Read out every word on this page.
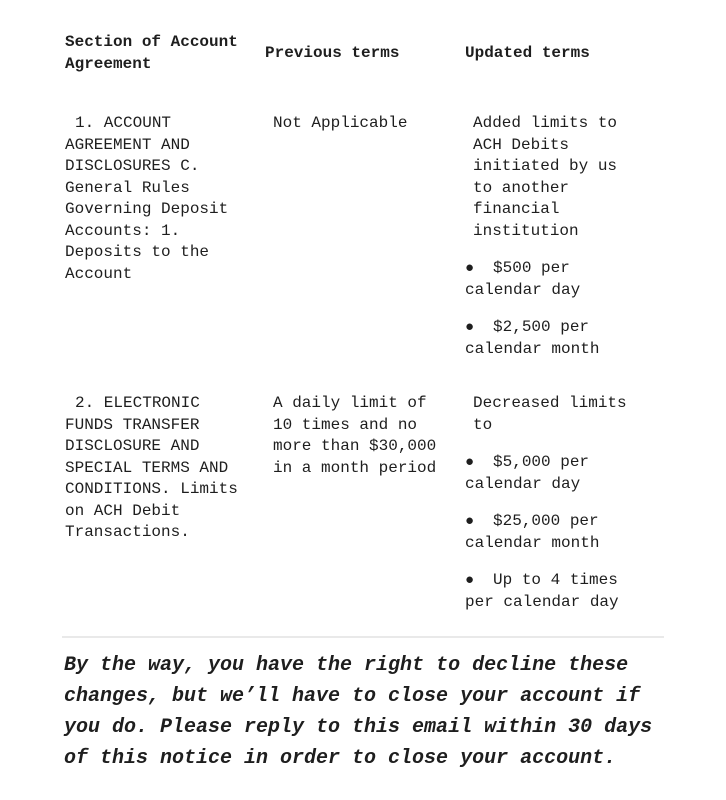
Section of Account Agreement
Previous terms	Updated terms
1. ACCOUNT AGREEMENT AND DISCLOSURES C. General Rules Governing Deposit Accounts: 1. Deposits to the Account
Not Applicable	Added limits to ACH Debits initiated by us to another financial institution
● $500 per calendar day
● $2,500 per calendar month
2. ELECTRONIC FUNDS TRANSFER DISCLOSURE AND SPECIAL TERMS AND CONDITIONS. Limits on ACH Debit Transactions.
A daily limit of 10 times and no more than $30,000 in a month period
Decreased limits to
● $5,000 per calendar day
● $25,000 per calendar month
● Up to 4 times per calendar day

By the way, you have the right to decline these changes, but we’ll have to close your account if you do. Please reply to this email within 30 days of this notice in order to close your account.
